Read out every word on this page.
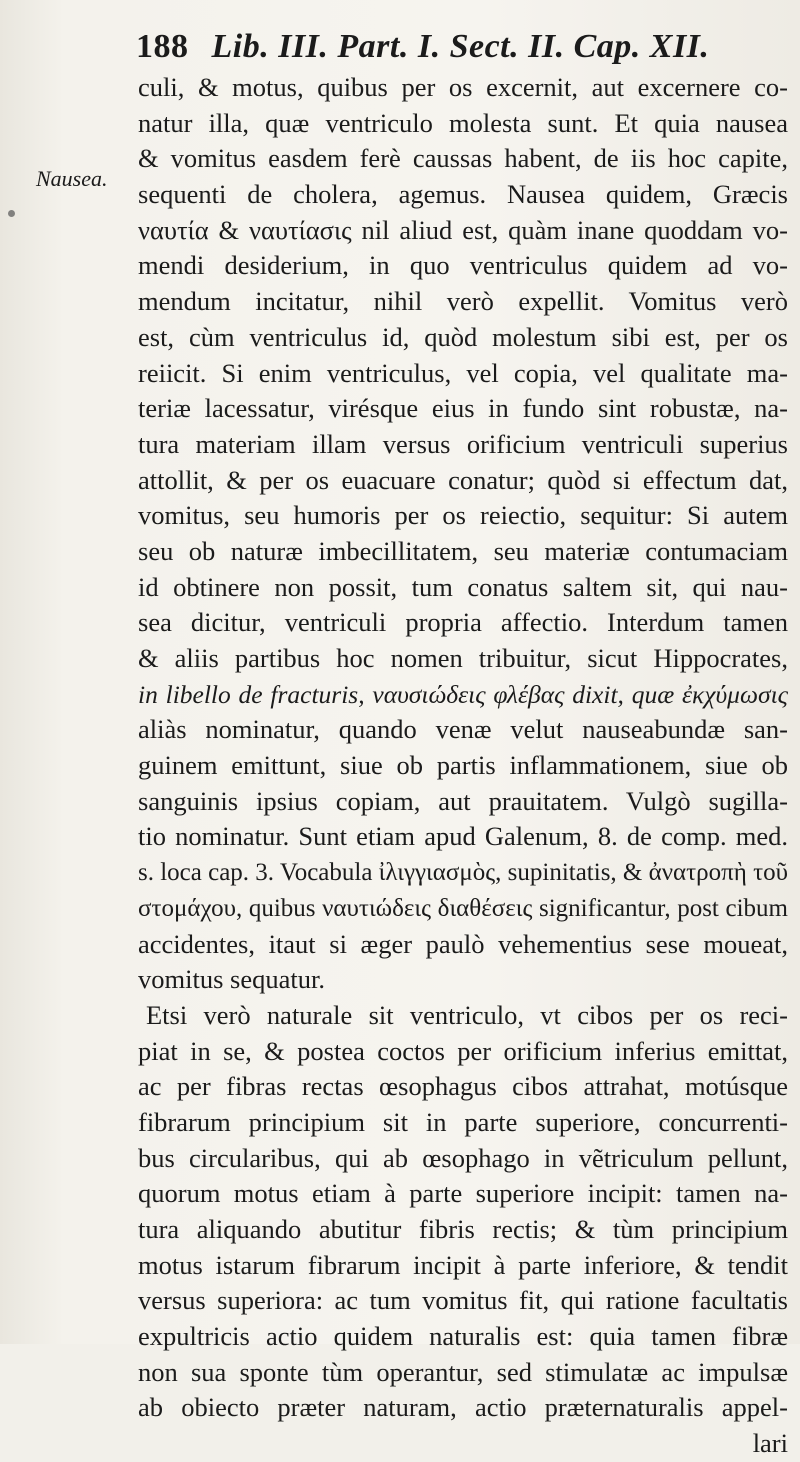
188 Lib. III. Part. I. Sect. II. Cap. XII.
Nausea.
culi, & motus, quibus per os excernit, aut excernere co-
natur illa, quæ ventriculo molesta sunt. Et quia nausea
& vomitus easdem ferè caussas habent, de iis hoc capite,
sequenti de cholera, agemus. Nausea quidem, Græcis
ναυτία & ναυτίασις nil aliud est, quàm inane quoddam vo-
mendi desiderium, in quo ventriculus quidem ad vo-
mendum incitatur, nihil verò expellit. Vomitus verò
est, cùm ventriculus id, quòd molestum sibi est, per os
reiicit. Si enim ventriculus, vel copia, vel qualitate ma-
teriæ lacessatur, virésque eius in fundo sint robustæ, na-
tura materiam illam versus orificium ventriculi superius
attollit, & per os euacuare conatur; quòd si effectum dat,
vomitus, seu humoris per os reiectio, sequitur: Si autem
seu ob naturæ imbecillitatem, seu materiæ contumaciam
id obtinere non possit, tum conatus saltem sit, qui nau-
sea dicitur, ventriculi propria affectio. Interdum tamen
& aliis partibus hoc nomen tribuitur, sicut Hippocrates,
in libello de fracturis, ναυσιώδεις φλέβας dixit, quæ ἐκχύμωσις
aliàs nominatur, quando venæ velut nauseabundæ san-
guinem emittunt, siue ob partis inflammationem, siue ob
sanguinis ipsius copiam, aut prauitatem. Vulgò sugilla-
tio nominatur. Sunt etiam apud Galenum, 8. de comp. med.
s. loca cap. 3. Vocabula ἰλιγγιασμὸς, supinitatis, & ἀνατροπὴ τοῦ
στομάχου, quibus ναυτιώδεις διαθέσεις significantur, post cibum
accidentes, itaut si æger paulò vehementius sese moueat,
vomitus sequatur.
Etsi verò naturale sit ventriculo, vt cibos per os reci-
piat in se, & postea coctos per orificium inferius emittat,
ac per fibras rectas œsophagus cibos attrahat, motúsque
fibrarum principium sit in parte superiore, concurrenti-
bus circularibus, qui ab œsophago in vẽtriculum pellunt,
quorum motus etiam à parte superiore incipit: tamen na-
tura aliquando abutitur fibris rectis; & tùm principium
motus istarum fibrarum incipit à parte inferiore, & tendit
versus superiora: ac tum vomitus fit, qui ratione facultatis
expultricis actio quidem naturalis est: quia tamen fibræ
non sua sponte tùm operantur, sed stimulatæ ac impulsæ
ab obiecto præter naturam, actio præternaturalis appel-
lari
